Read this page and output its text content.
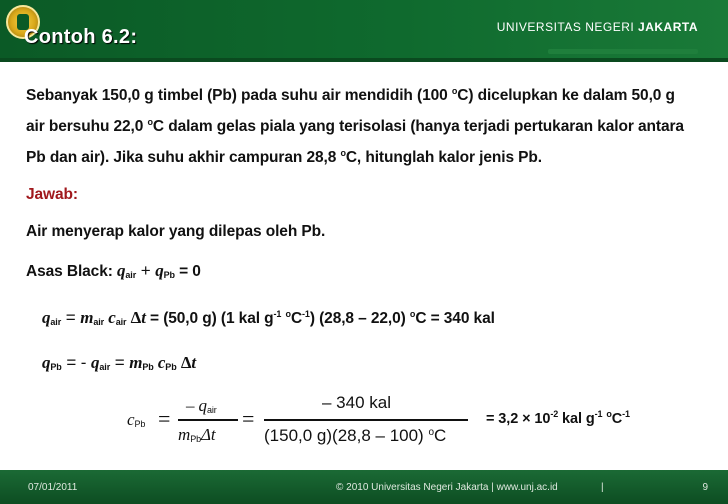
Contoh 6.2:	UNIVERSITAS NEGERI JAKARTA
Sebanyak 150,0 g timbel (Pb) pada suhu air mendidih (100 $^o$C) dicelupkan ke dalam 50,0 g
air bersuhu 22,0 $^o$C dalam gelas piala yang terisolasi (hanya terjadi pertukaran kalor antara
Pb dan air). Jika suhu akhir campuran 28,8 $^o$C, hitunglah kalor jenis Pb.
Jawab:
Air menyerap kalor yang dilepas oleh Pb.
Asas Black: $q_{air} + q_{Pb} = 0$
$q_{air} = m_{air}$ $c_{air}$ Δt = (50,0 g) (1 kal $g^{-1}$ $^oC^{-1}$) (28,8 – 22,0) $^o$C = 340 kal
$q_{Pb}$ = - $q_{air} = m_{Pb}$ $c_{Pb}$ Δt
$c_{Pb}$ =
– $q_{air}$
$m_{Pb}\Delta t$
=
– 340 kal
(150,0 g)(28,8 – 100) $^o$C
= $3,2 \times 10^{-2}$ kal $g^{-1}$ $^oC^{-1}$
07/01/2011	© 2010 Universitas Negeri Jakarta | www.unj.ac.id	|	9
